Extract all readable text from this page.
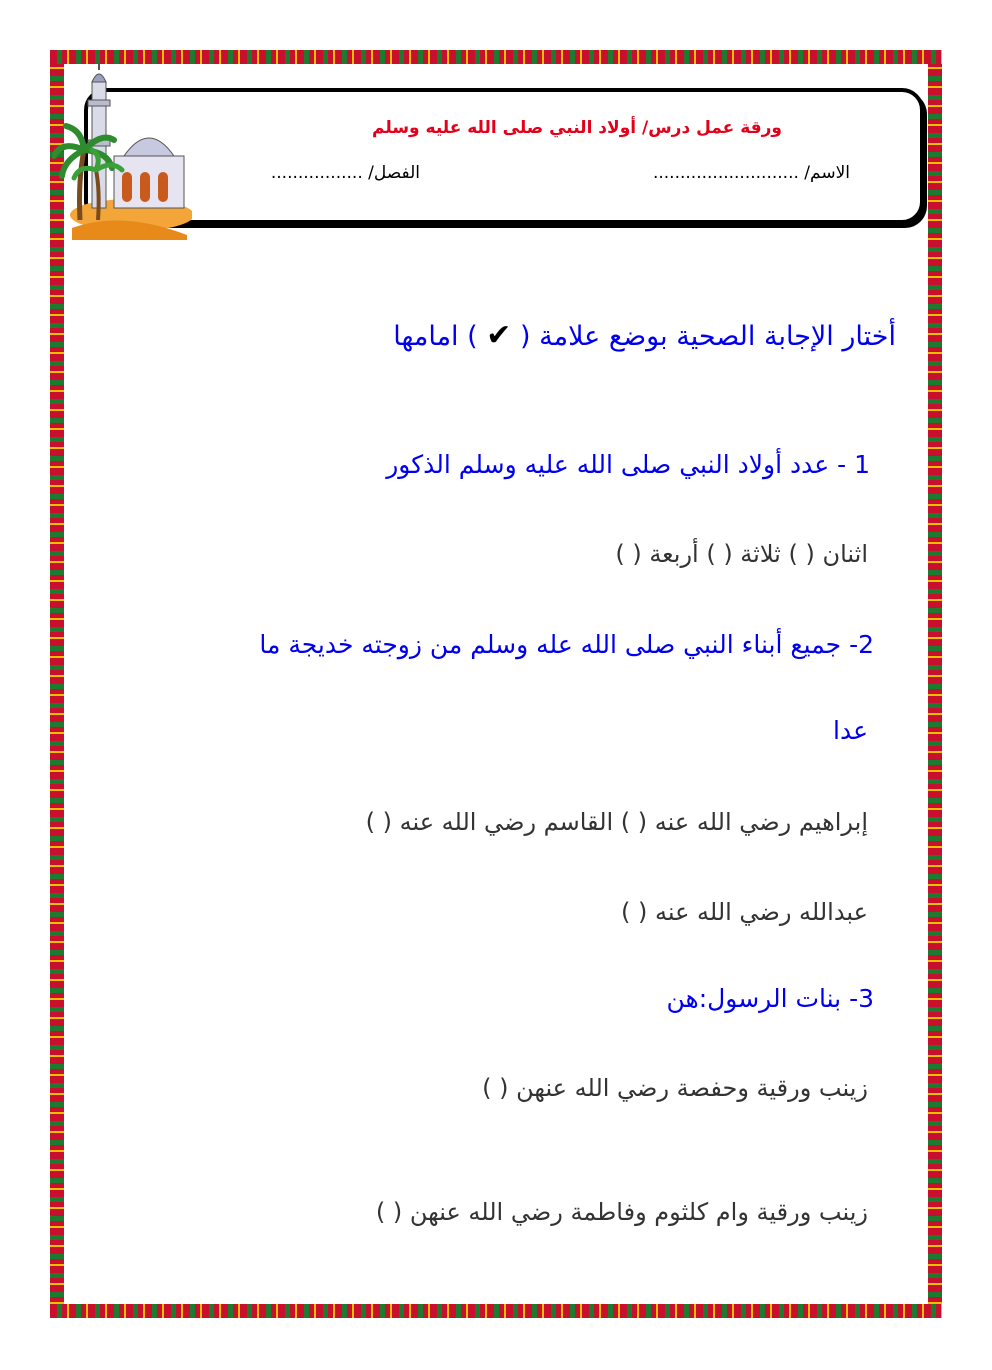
ورقة عمل درس/ أولاد النبي صلى الله عليه وسلم
الاسم/ ...........................
الفصل/ .................
أختار الإجابة الصحية بوضع علامة ( ✔ ) امامها
1 - عدد أولاد النبي صلى الله عليه وسلم الذكور
اثنان ( ) ثلاثة ( ) أربعة ( )
2- جميع أبناء النبي صلى الله عله وسلم من زوجته خديجة ما
عدا
إبراهيم رضي الله عنه ( ) القاسم رضي الله عنه ( )
عبدالله رضي الله عنه ( )
3- بنات الرسول:هن
زينب ورقية وحفصة رضي الله عنهن ( )
زينب ورقية وام كلثوم وفاطمة رضي الله عنهن ( )
